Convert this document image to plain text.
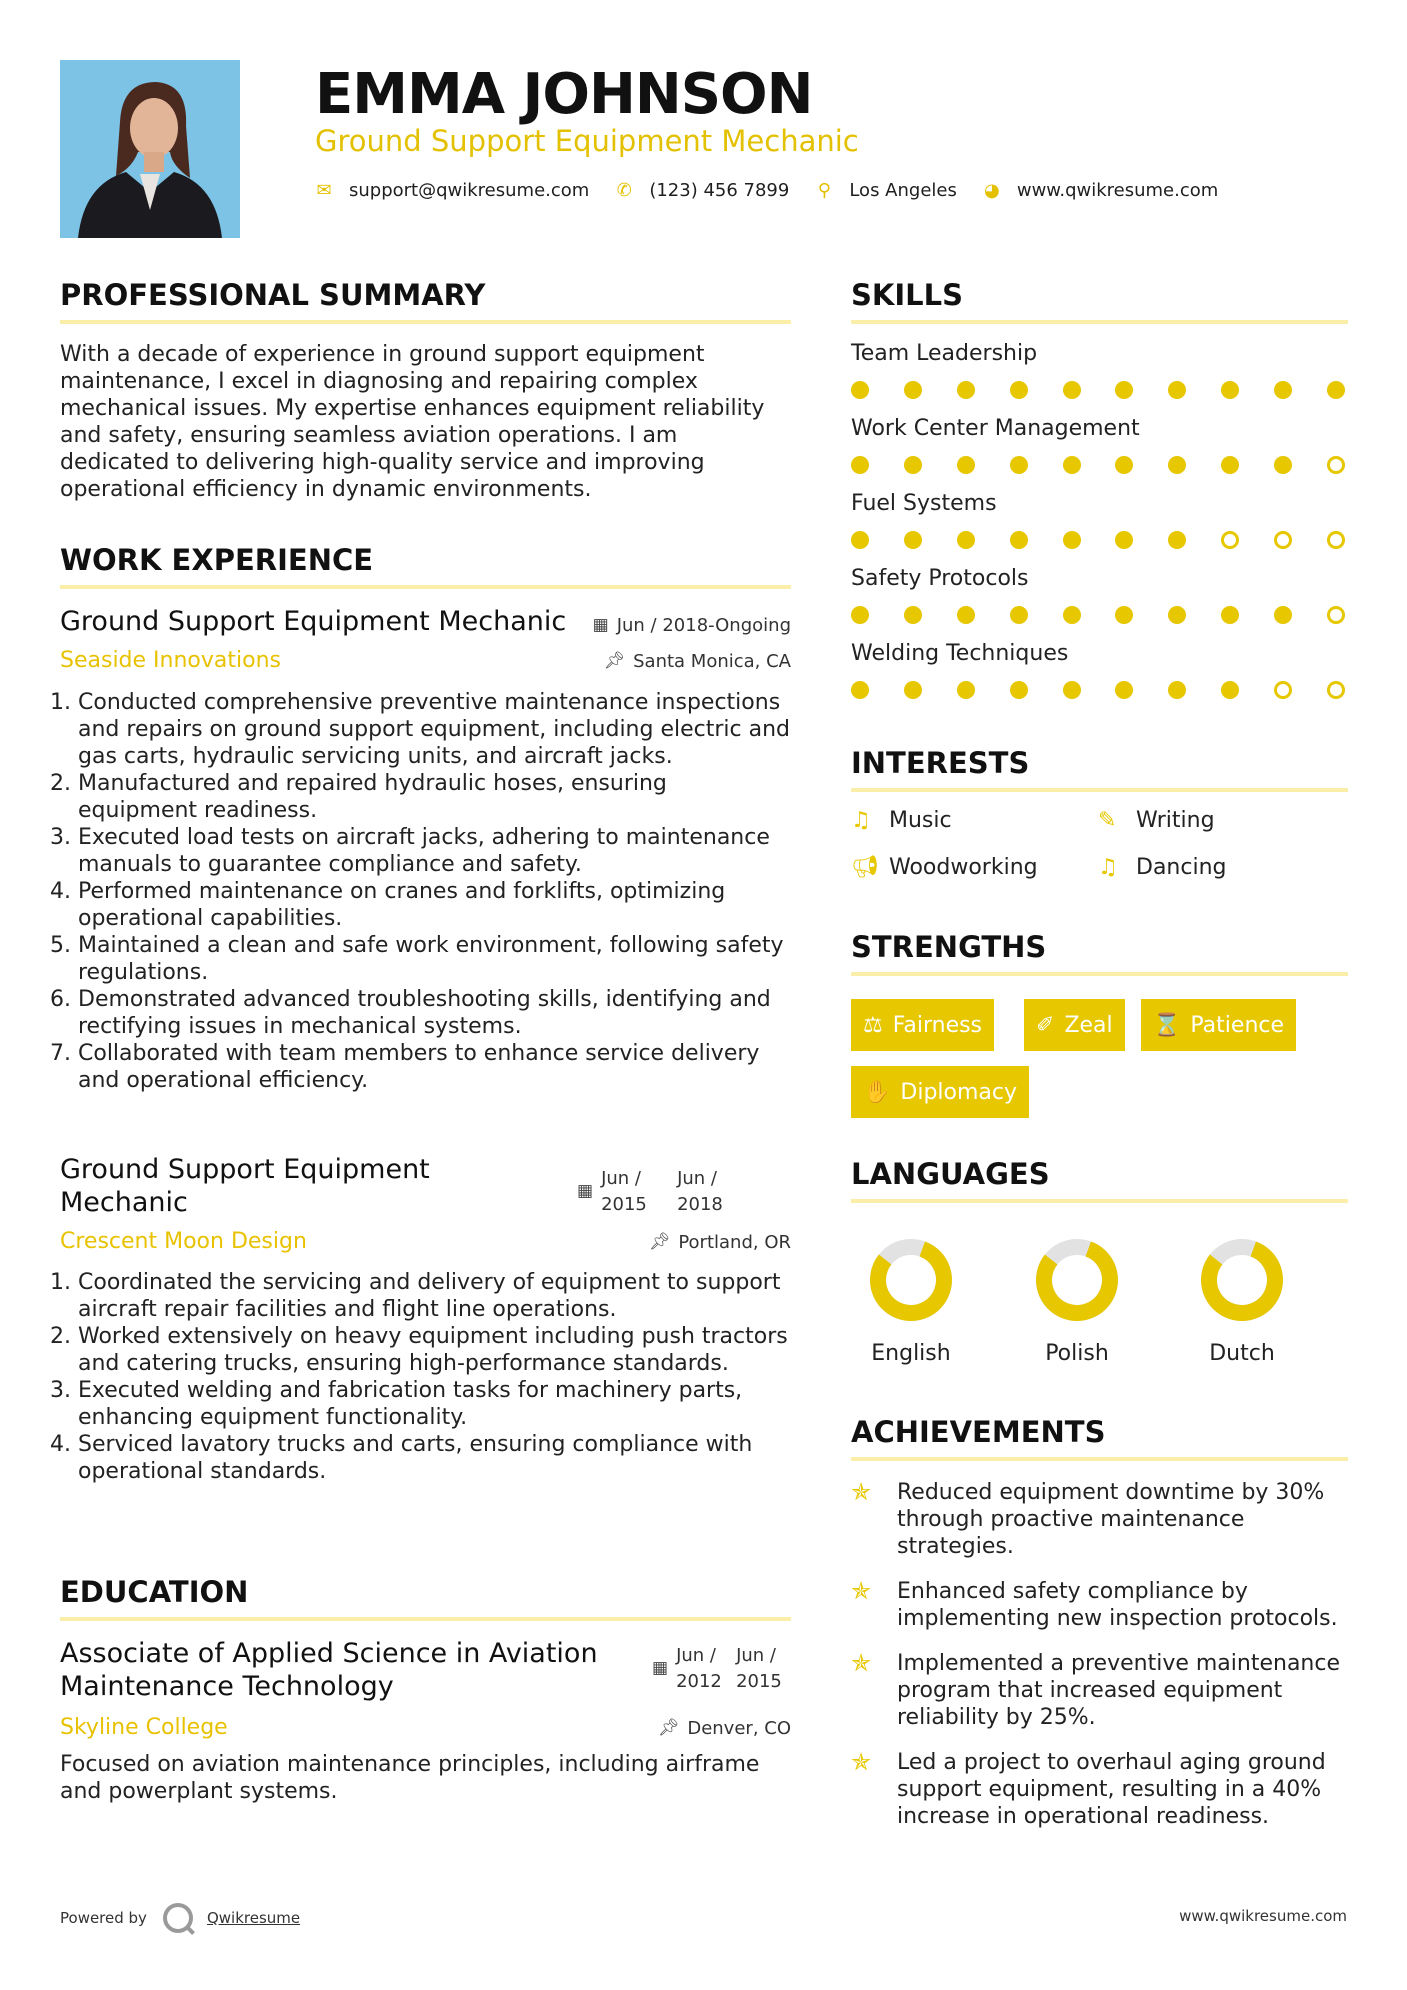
EMMA JOHNSON
Ground Support Equipment Mechanic
✉ support@qwikresume.com ✆ (123) 456 7899 ⚲ Los Angeles ◕ www.qwikresume.com
PROFESSIONAL SUMMARY
With a decade of experience in ground support equipment maintenance, I excel in diagnosing and repairing complex mechanical issues. My expertise enhances equipment reliability and safety, ensuring seamless aviation operations. I am dedicated to delivering high-quality service and improving operational efficiency in dynamic environments.
WORK EXPERIENCE
Ground Support Equipment Mechanic ▦ Jun / 2018-Ongoing
Seaside Innovations	📌︎ Santa Monica, CA
1. Conducted comprehensive preventive maintenance inspections and repairs on ground support equipment, including electric and gas carts, hydraulic servicing units, and aircraft jacks.
2. Manufactured and repaired hydraulic hoses, ensuring equipment readiness.
3. Executed load tests on aircraft jacks, adhering to maintenance manuals to guarantee compliance and safety.
4. Performed maintenance on cranes and forklifts, optimizing operational capabilities.
5. Maintained a clean and safe work environment, following safety regulations.
6. Demonstrated advanced troubleshooting skills, identifying and rectifying issues in mechanical systems.
7. Collaborated with team members to enhance service delivery and operational efficiency.
Ground Support Equipment Mechanic	▦
Jun / 2015
Jun / 2018
Crescent Moon Design	📌︎ Portland, OR
1. Coordinated the servicing and delivery of equipment to support aircraft repair facilities and flight line operations.
2. Worked extensively on heavy equipment including push tractors and catering trucks, ensuring high-performance standards.
3. Executed welding and fabrication tasks for machinery parts, enhancing equipment functionality.
4. Serviced lavatory trucks and carts, ensuring compliance with operational standards.
EDUCATION
Associate of Applied Science in Aviation Maintenance Technology
▦
Jun / 2012
Jun / 2015
Skyline College	📌︎ Denver, CO
Focused on aviation maintenance principles, including airframe and powerplant systems.
SKILLS
Team Leadership
Work Center Management
Fuel Systems
Safety Protocols
Welding Techniques
INTERESTS
♫ Music	✎ Writing
📢︎ Woodworking	♫ Dancing
STRENGTHS
⚖ Fairness ✐ Zeal ⌛ Patience
✋ Diplomacy
LANGUAGES
English	Polish	Dutch
ACHIEVEMENTS
✯	Reduced equipment downtime by 30% through proactive maintenance strategies.
✯	Enhanced safety compliance by implementing new inspection protocols.
✯	Implemented a preventive maintenance program that increased equipment reliability by 25%.
✯	Led a project to overhaul aging ground support equipment, resulting in a 40% increase in operational readiness.
Powered by	Qwikresume	www.qwikresume.com
